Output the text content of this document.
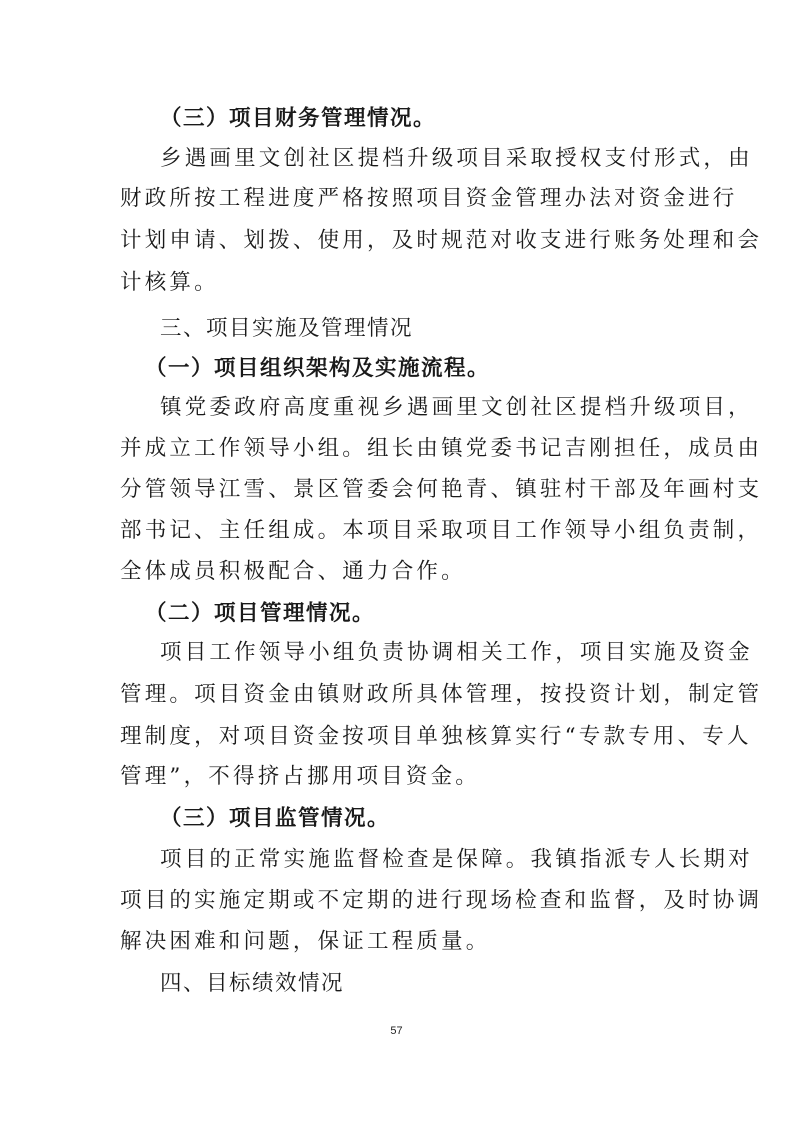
（三）项目财务管理情况。
乡遇画里文创社区提档升级项目采取授权支付形式，由
财政所按工程进度严格按照项目资金管理办法对资金进行
计划申请、划拨、使用，及时规范对收支进行账务处理和会
计核算。
三、项目实施及管理情况
（一）项目组织架构及实施流程。
镇党委政府高度重视乡遇画里文创社区提档升级项目，
并成立工作领导小组。组长由镇党委书记吉刚担任，成员由
分管领导江雪、景区管委会何艳青、镇驻村干部及年画村支
部书记、主任组成。本项目采取项目工作领导小组负责制，
全体成员积极配合、通力合作。
（二）项目管理情况。
项目工作领导小组负责协调相关工作，项目实施及资金
管理。项目资金由镇财政所具体管理，按投资计划，制定管
理制度，对项目资金按项目单独核算实行“专款专用、专人
管理”，不得挤占挪用项目资金。
（三）项目监管情况。
项目的正常实施监督检查是保障。我镇指派专人长期对
项目的实施定期或不定期的进行现场检查和监督，及时协调
解决困难和问题，保证工程质量。
四、目标绩效情况
57
